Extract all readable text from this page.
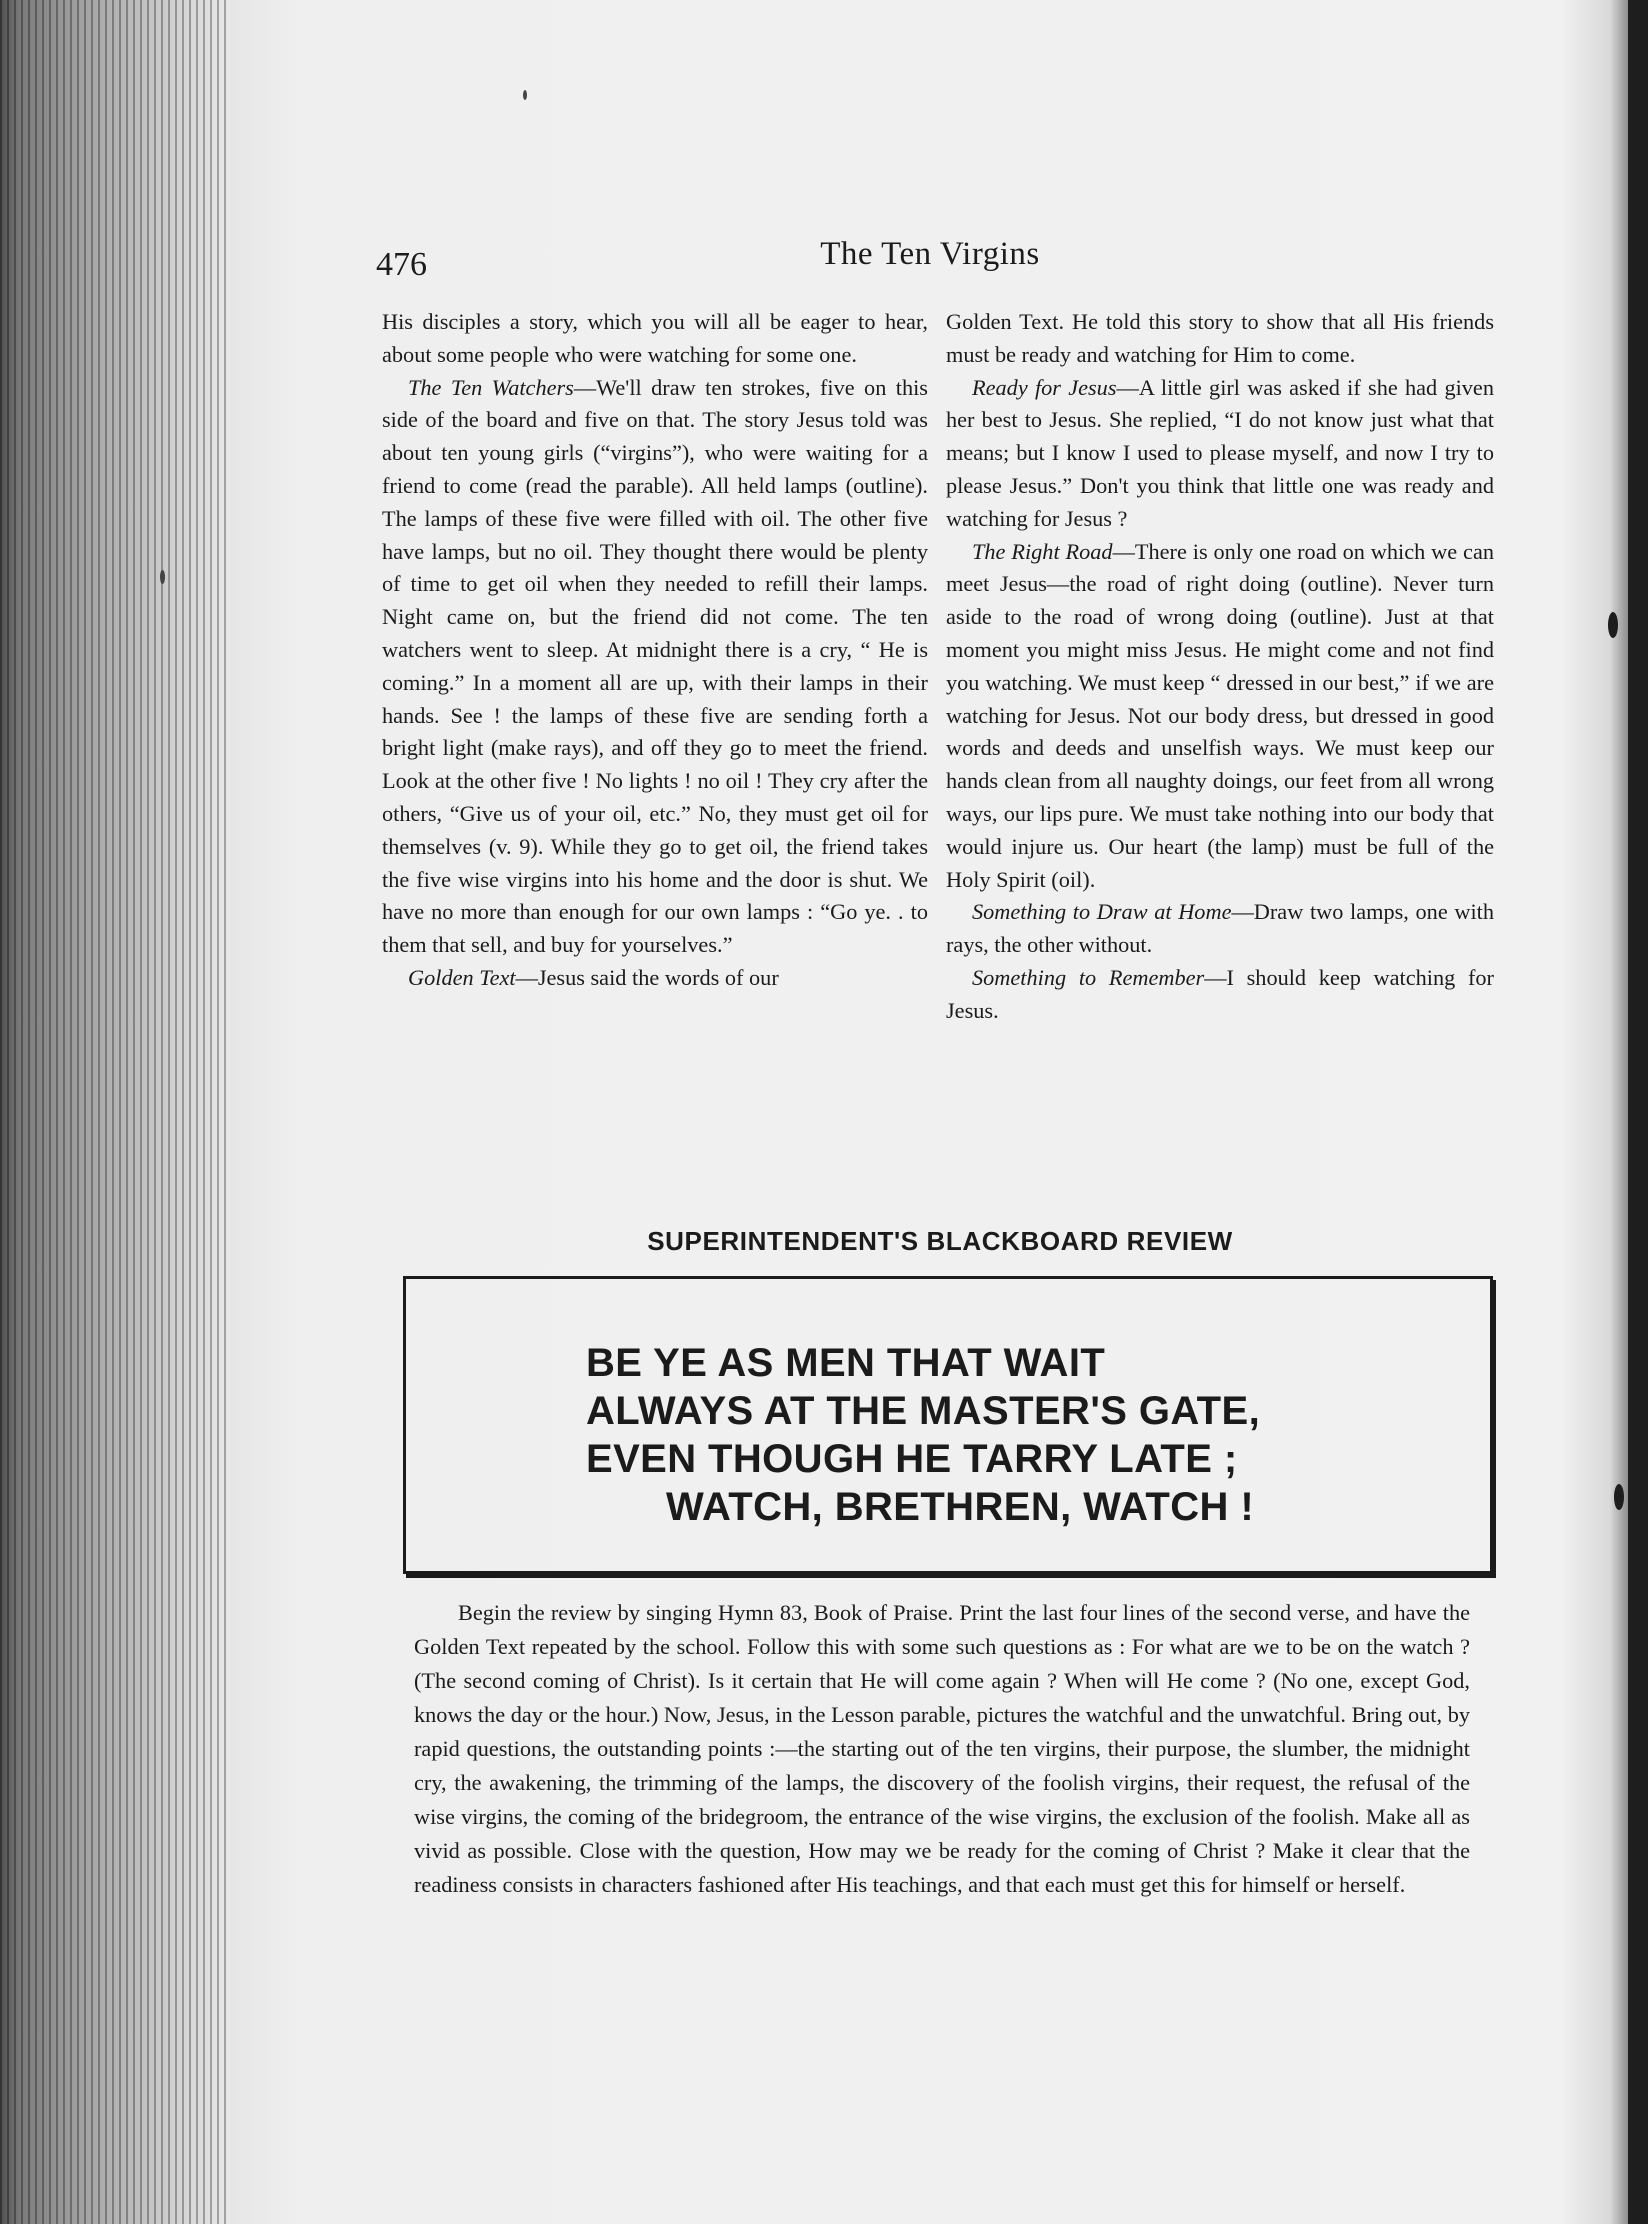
476	The Ten Virgins

His disciples a story, which you will all be eager to hear, about some people who were watching for some one.

The Ten Watchers—We'll draw ten strokes, five on this side of the board and five on that. The story Jesus told was about ten young girls (“virgins”), who were waiting for a friend to come (read the parable). All held lamps (outline). The lamps of these five were filled with oil. The other five have lamps, but no oil. They thought there would be plenty of time to get oil when they needed to refill their lamps. Night came on, but the friend did not come. The ten watchers went to sleep. At midnight there is a cry, “ He is coming.” In a moment all are up, with their lamps in their hands. See ! the lamps of these five are sending forth a bright light (make rays), and off they go to meet the friend. Look at the other five ! No lights ! no oil ! They cry after the others, “Give us of your oil, etc.” No, they must get oil for themselves (v. 9). While they go to get oil, the friend takes the five wise virgins into his home and the door is shut. We have no more than enough for our own lamps : “Go ye. . to them that sell, and buy for yourselves.”

Golden Text—Jesus said the words of our

Golden Text. He told this story to show that all His friends must be ready and watching for Him to come.

Ready for Jesus—A little girl was asked if she had given her best to Jesus. She replied, “I do not know just what that means; but I know I used to please myself, and now I try to please Jesus.” Don't you think that little one was ready and watching for Jesus ?

The Right Road—There is only one road on which we can meet Jesus—the road of right doing (outline). Never turn aside to the road of wrong doing (outline). Just at that moment you might miss Jesus. He might come and not find you watching. We must keep “ dressed in our best,” if we are watching for Jesus. Not our body dress, but dressed in good words and deeds and unselfish ways. We must keep our hands clean from all naughty doings, our feet from all wrong ways, our lips pure. We must take nothing into our body that would injure us. Our heart (the lamp) must be full of the Holy Spirit (oil).

Something to Draw at Home—Draw two lamps, one with rays, the other without.

Something to Remember—I should keep watching for Jesus.

SUPERINTENDENT'S BLACKBOARD REVIEW
BE YE AS MEN THAT WAIT
ALWAYS AT THE MASTER'S GATE,
EVEN THOUGH HE TARRY LATE ;
WATCH, BRETHREN, WATCH !

Begin the review by singing Hymn 83, Book of Praise. Print the last four lines of the second verse, and have the Golden Text repeated by the school. Follow this with some such questions as : For what are we to be on the watch ? (The second coming of Christ). Is it certain that He will come again ? When will He come ? (No one, except God, knows the day or the hour.) Now, Jesus, in the Lesson parable, pictures the watchful and the unwatchful. Bring out, by rapid questions, the outstanding points :—the starting out of the ten virgins, their purpose, the slumber, the midnight cry, the awakening, the trimming of the lamps, the discovery of the foolish virgins, their request, the refusal of the wise virgins, the coming of the bridegroom, the entrance of the wise virgins, the exclusion of the foolish. Make all as vivid as possible. Close with the question, How may we be ready for the coming of Christ ? Make it clear that the readiness consists in characters fashioned after His teachings, and that each must get this for himself or herself.
